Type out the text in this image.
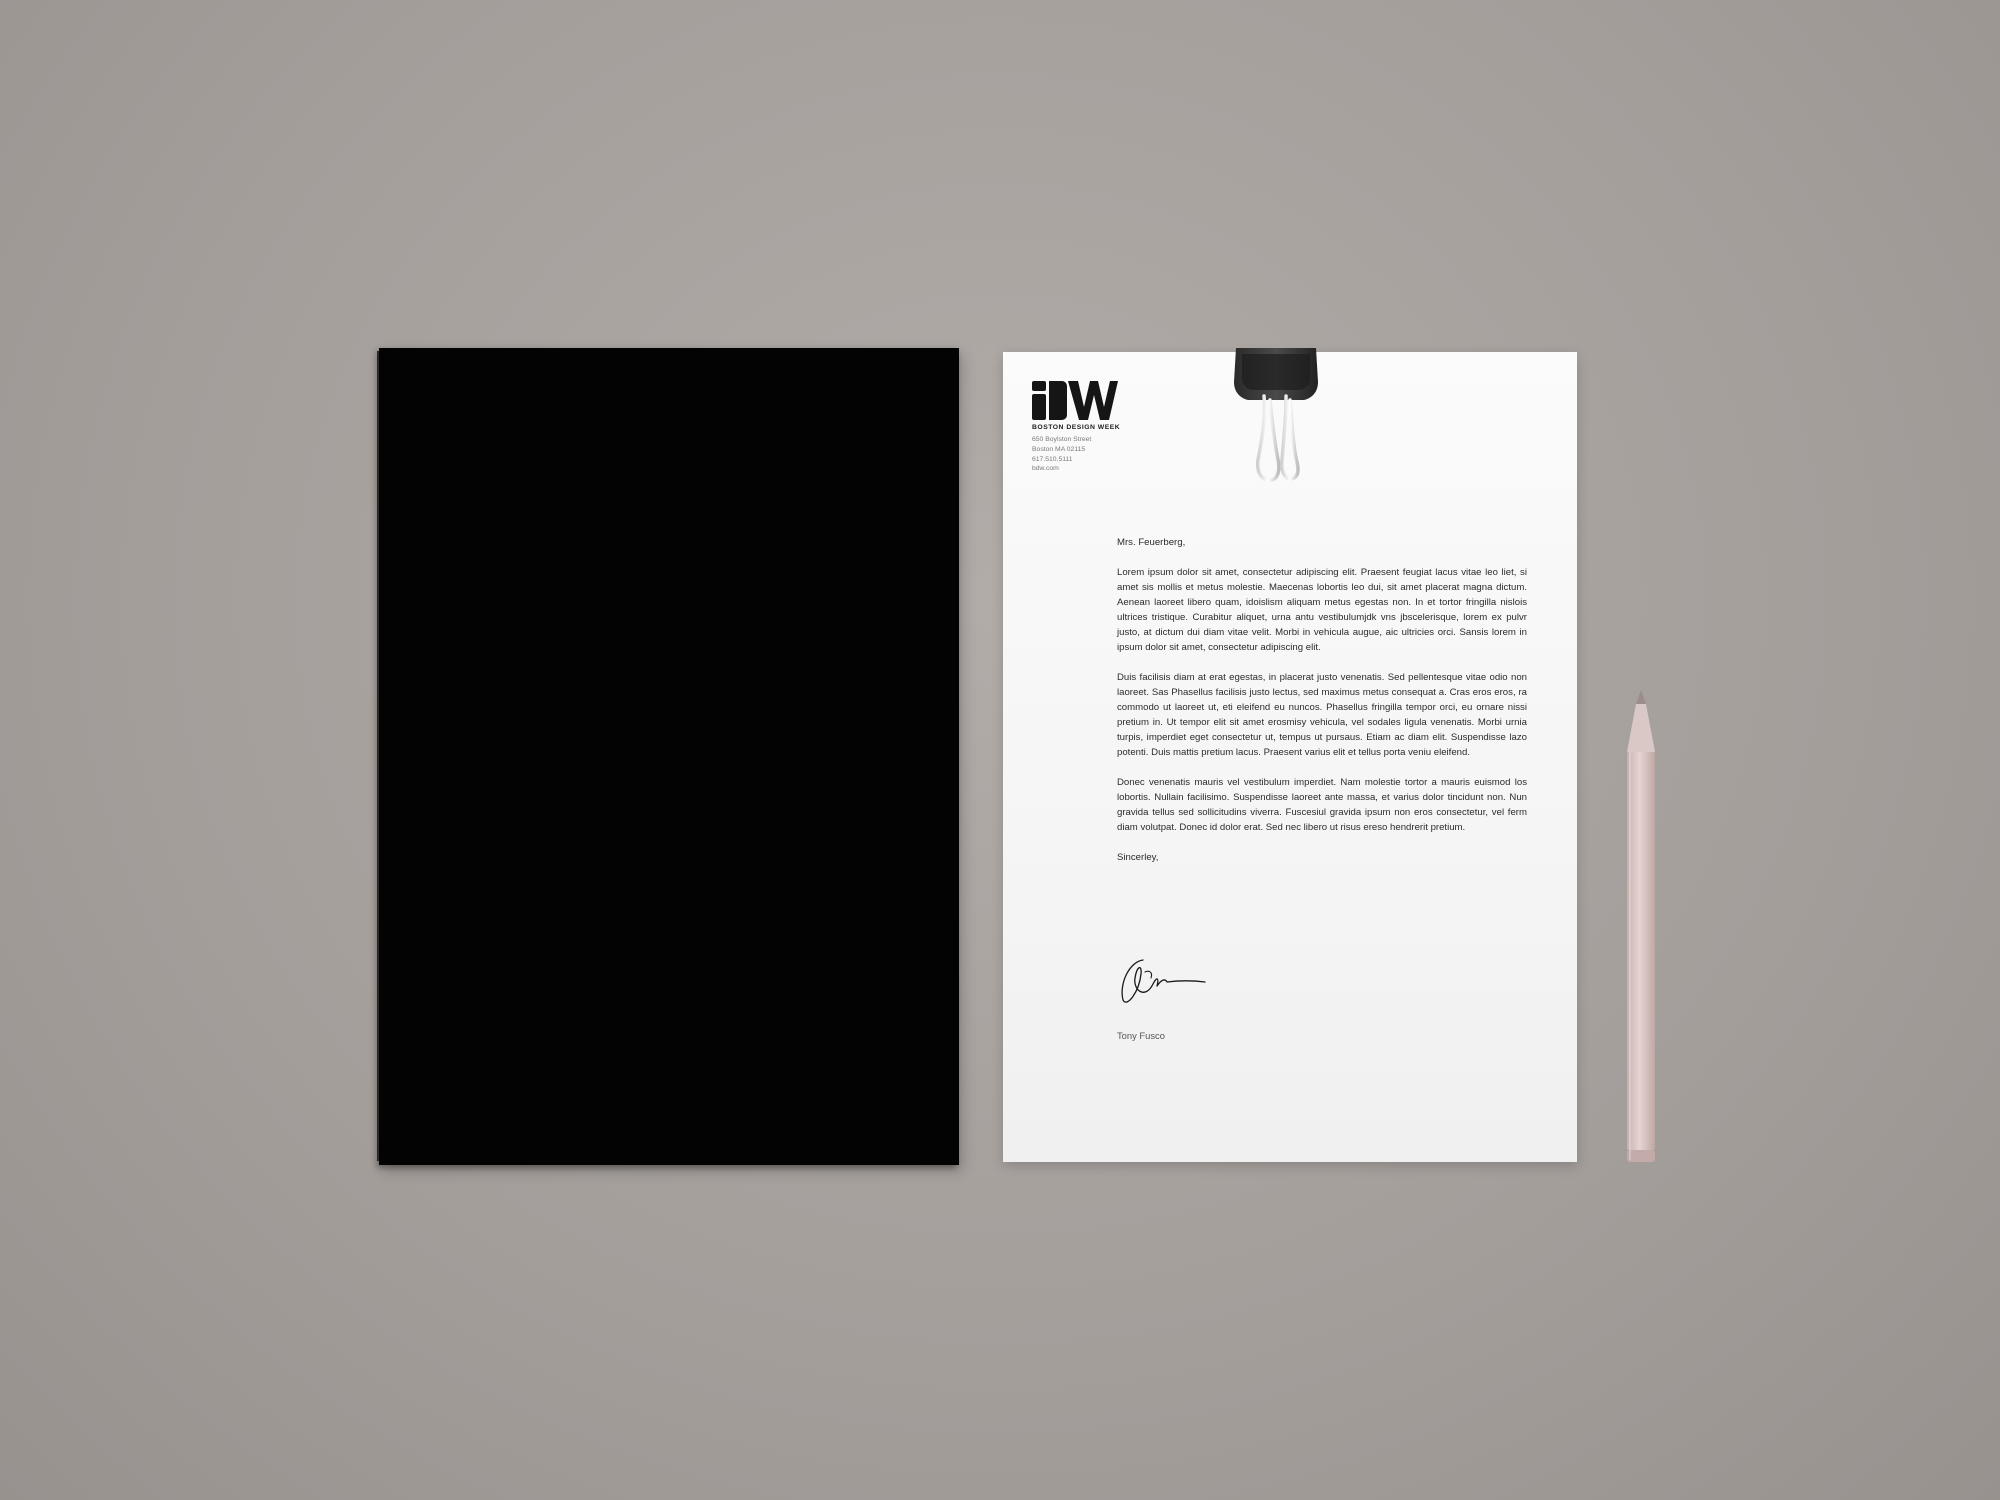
BOSTON DESIGN WEEK
650 Boylston Street
Boston MA 02115
617.510.5111
bdw.com

Mrs. Feuerberg,

Lorem ipsum dolor sit amet, consectetur adipiscing elit. Praesent feugiat lacus vitae leo liet, si amet sis mollis et metus molestie. Maecenas lobortis leo dui, sit amet placerat magna dictum. Aenean laoreet libero quam, idoislism aliquam metus egestas non. In et tortor fringilla nislois ultrices tristique. Curabitur aliquet, urna antu vestibulumjdk vns jbscelerisque, lorem ex pulvr justo, at dictum dui diam vitae velit. Morbi in vehicula augue, aic ultricies orci. Sansis lorem in ipsum dolor sit amet, consectetur adipiscing elit.

Duis facilisis diam at erat egestas, in placerat justo venenatis. Sed pellentesque vitae odio non laoreet. Sas Phasellus facilisis justo lectus, sed maximus metus consequat a. Cras eros eros, ra commodo ut laoreet ut, eti eleifend eu nuncos. Phasellus fringilla tempor orci, eu ornare nissi pretium in. Ut tempor elit sit amet erosmisy vehicula, vel sodales ligula venenatis. Morbi urnia turpis, imperdiet eget consectetur ut, tempus ut pursaus. Etiam ac diam elit. Suspendisse lazo potenti. Duis mattis pretium lacus. Praesent varius elit et tellus porta veniu eleifend.

Donec venenatis mauris vel vestibulum imperdiet. Nam molestie tortor a mauris euismod los lobortis. Nullain facilisimo. Suspendisse laoreet ante massa, et varius dolor tincidunt non. Nun gravida tellus sed sollicitudins viverra. Fuscesiul gravida ipsum non eros consectetur, vel ferm diam volutpat. Donec id dolor erat. Sed nec libero ut risus ereso hendrerit pretium.

Sincerley,

Tony Fusco
